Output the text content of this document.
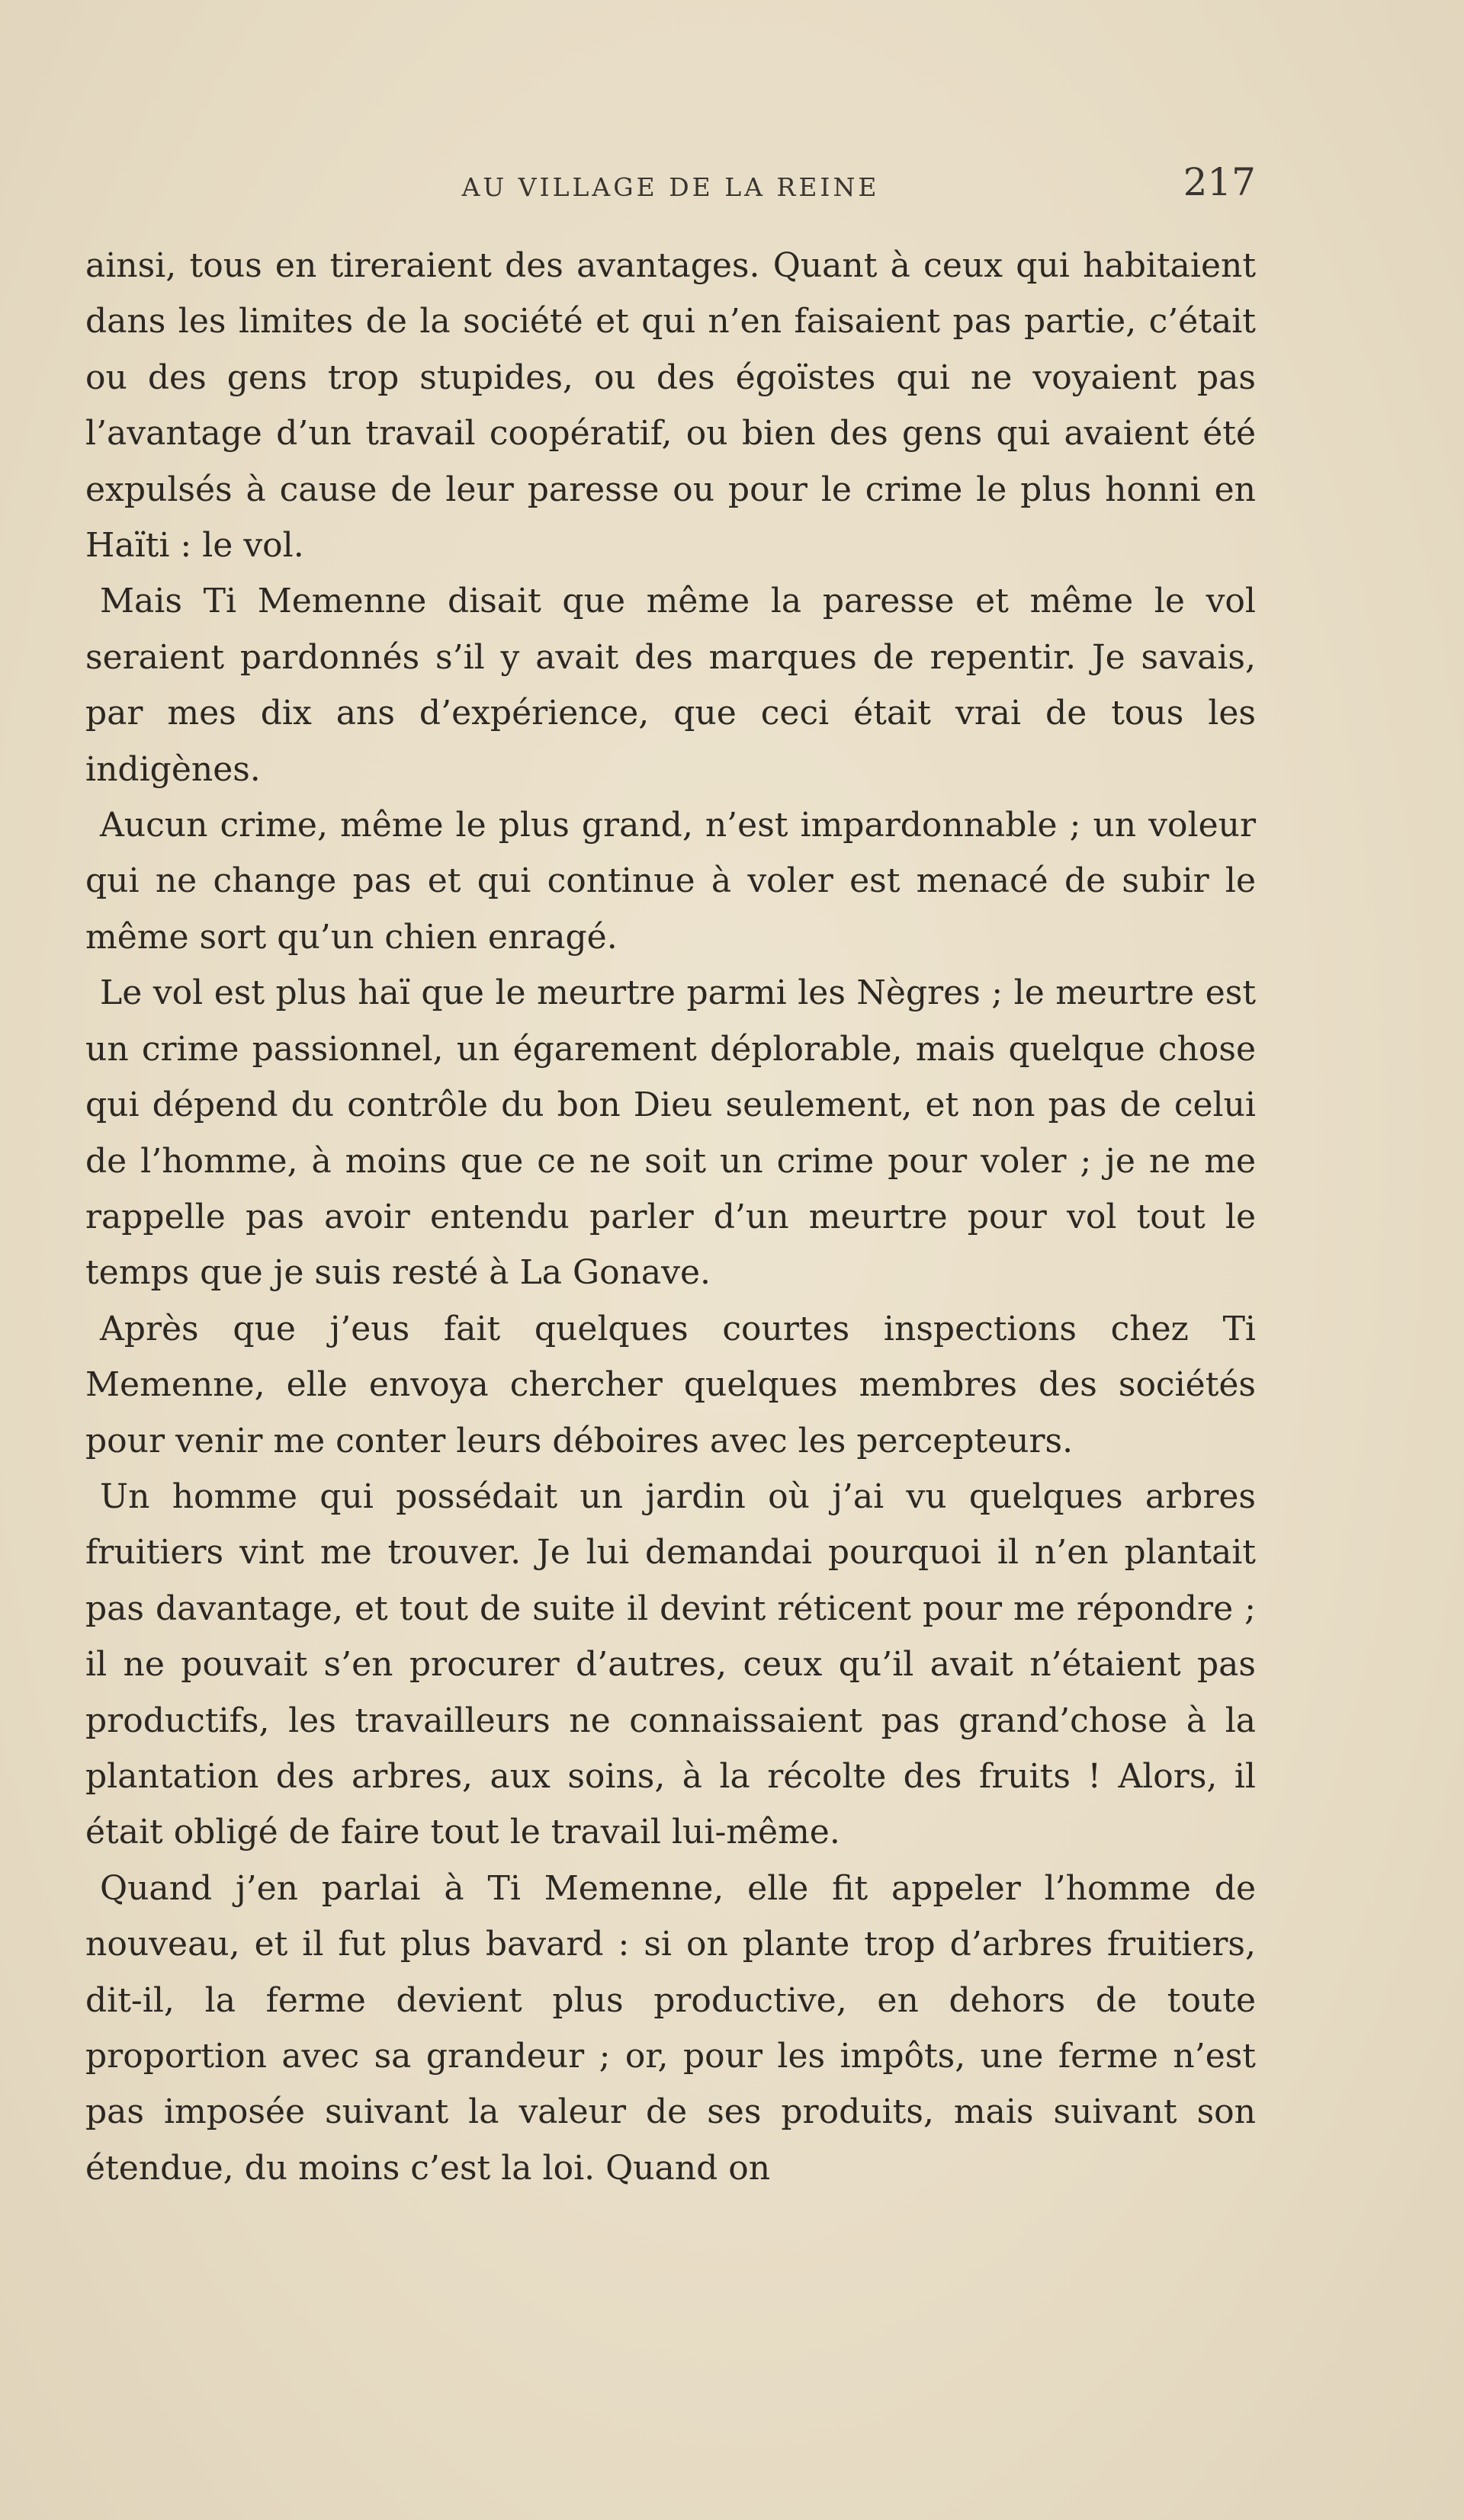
AU VILLAGE DE LA REINE	217

ainsi, tous en tireraient des avantages. Quant à ceux qui habitaient dans les limites de la société et qui n’en faisaient pas partie, c’était ou des gens trop stupides, ou des égoïstes qui ne voyaient pas l’avantage d’un travail coopératif, ou bien des gens qui avaient été expulsés à cause de leur paresse ou pour le crime le plus honni en Haïti : le vol.

Mais Ti Memenne disait que même la paresse et même le vol seraient pardonnés s’il y avait des marques de repentir. Je savais, par mes dix ans d’expérience, que ceci était vrai de tous les indigènes.

Aucun crime, même le plus grand, n’est impardonnable ; un voleur qui ne change pas et qui continue à voler est menacé de subir le même sort qu’un chien enragé.

Le vol est plus haï que le meurtre parmi les Nègres ; le meurtre est un crime passionnel, un égarement déplorable, mais quelque chose qui dépend du contrôle du bon Dieu seulement, et non pas de celui de l’homme, à moins que ce ne soit un crime pour voler ; je ne me rappelle pas avoir entendu parler d’un meurtre pour vol tout le temps que je suis resté à La Gonave.

Après que j’eus fait quelques courtes inspections chez Ti Memenne, elle envoya chercher quelques membres des sociétés pour venir me conter leurs déboires avec les percepteurs.

Un homme qui possédait un jardin où j’ai vu quelques arbres fruitiers vint me trouver. Je lui demandai pourquoi il n’en plantait pas davantage, et tout de suite il devint réticent pour me répondre ; il ne pouvait s’en procurer d’autres, ceux qu’il avait n’étaient pas productifs, les travailleurs ne connaissaient pas grand’chose à la plantation des arbres, aux soins, à la récolte des fruits ! Alors, il était obligé de faire tout le travail lui-même.

Quand j’en parlai à Ti Memenne, elle fit appeler l’homme de nouveau, et il fut plus bavard : si on plante trop d’arbres fruitiers, dit-il, la ferme devient plus productive, en dehors de toute proportion avec sa grandeur ; or, pour les impôts, une ferme n’est pas imposée suivant la valeur de ses produits, mais suivant son étendue, du moins c’est la loi. Quand on
